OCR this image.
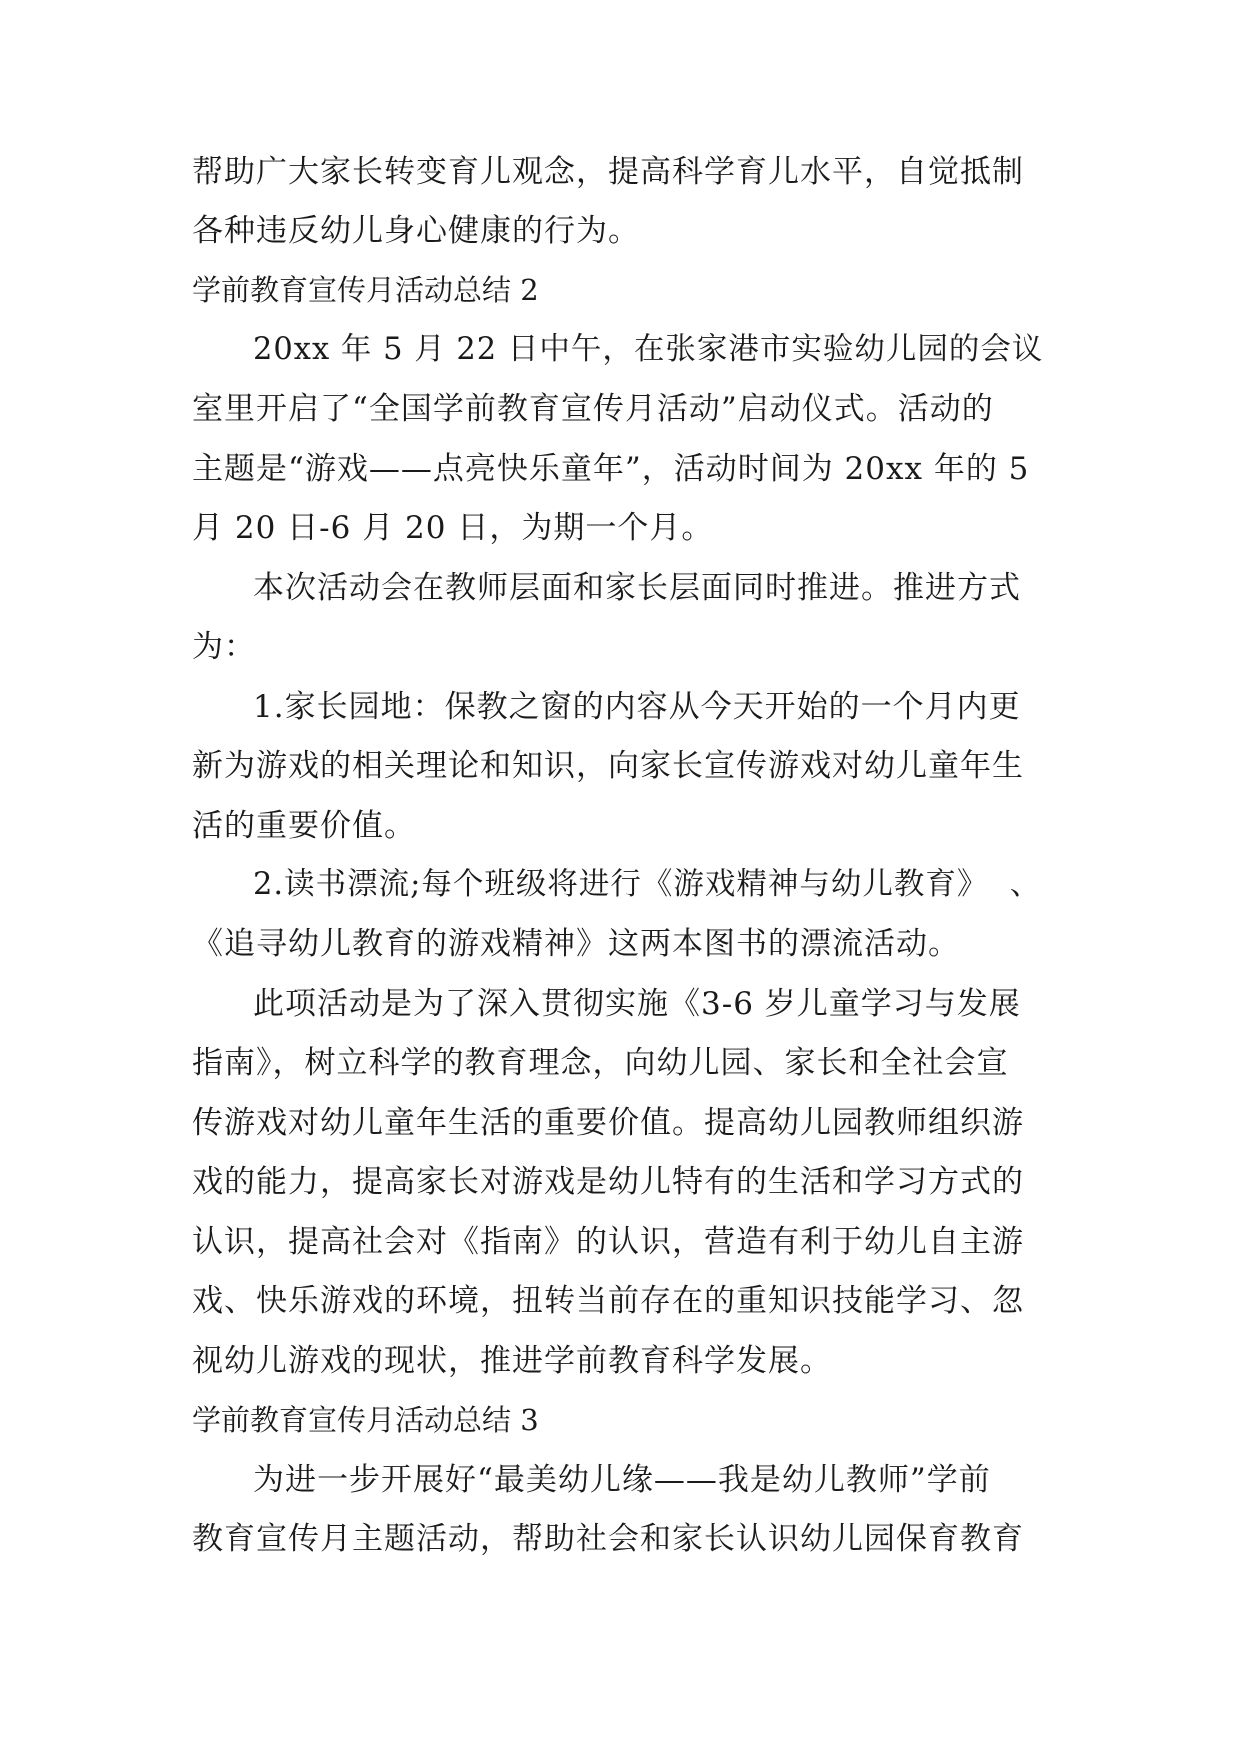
帮助广大家长转变育儿观念，提高科学育儿水平，自觉抵制
各种违反幼儿身心健康的行为。
学前教育宣传月活动总结 2
20xx 年 5 月 22 日中午，在张家港市实验幼儿园的会议
室里开启了“全国学前教育宣传月活动”启动仪式。活动的
主题是“游戏——点亮快乐童年”，活动时间为 20xx 年的 5
月 20 日-6 月 20 日，为期一个月。
本次活动会在教师层面和家长层面同时推进。推进方式
为：
1.家长园地：保教之窗的内容从今天开始的一个月内更
新为游戏的相关理论和知识，向家长宣传游戏对幼儿童年生
活的重要价值。
2.读书漂流;每个班级将进行《游戏精神与幼儿教育》  、
《追寻幼儿教育的游戏精神》这两本图书的漂流活动。
此项活动是为了深入贯彻实施《3-6 岁儿童学习与发展
指南》，树立科学的教育理念，向幼儿园、家长和全社会宣
传游戏对幼儿童年生活的重要价值。提高幼儿园教师组织游
戏的能力，提高家长对游戏是幼儿特有的生活和学习方式的
认识，提高社会对《指南》的认识，营造有利于幼儿自主游
戏、快乐游戏的环境，扭转当前存在的重知识技能学习、忽
视幼儿游戏的现状，推进学前教育科学发展。
学前教育宣传月活动总结 3
为进一步开展好“最美幼儿缘——我是幼儿教师”学前
教育宣传月主题活动，帮助社会和家长认识幼儿园保育教育
